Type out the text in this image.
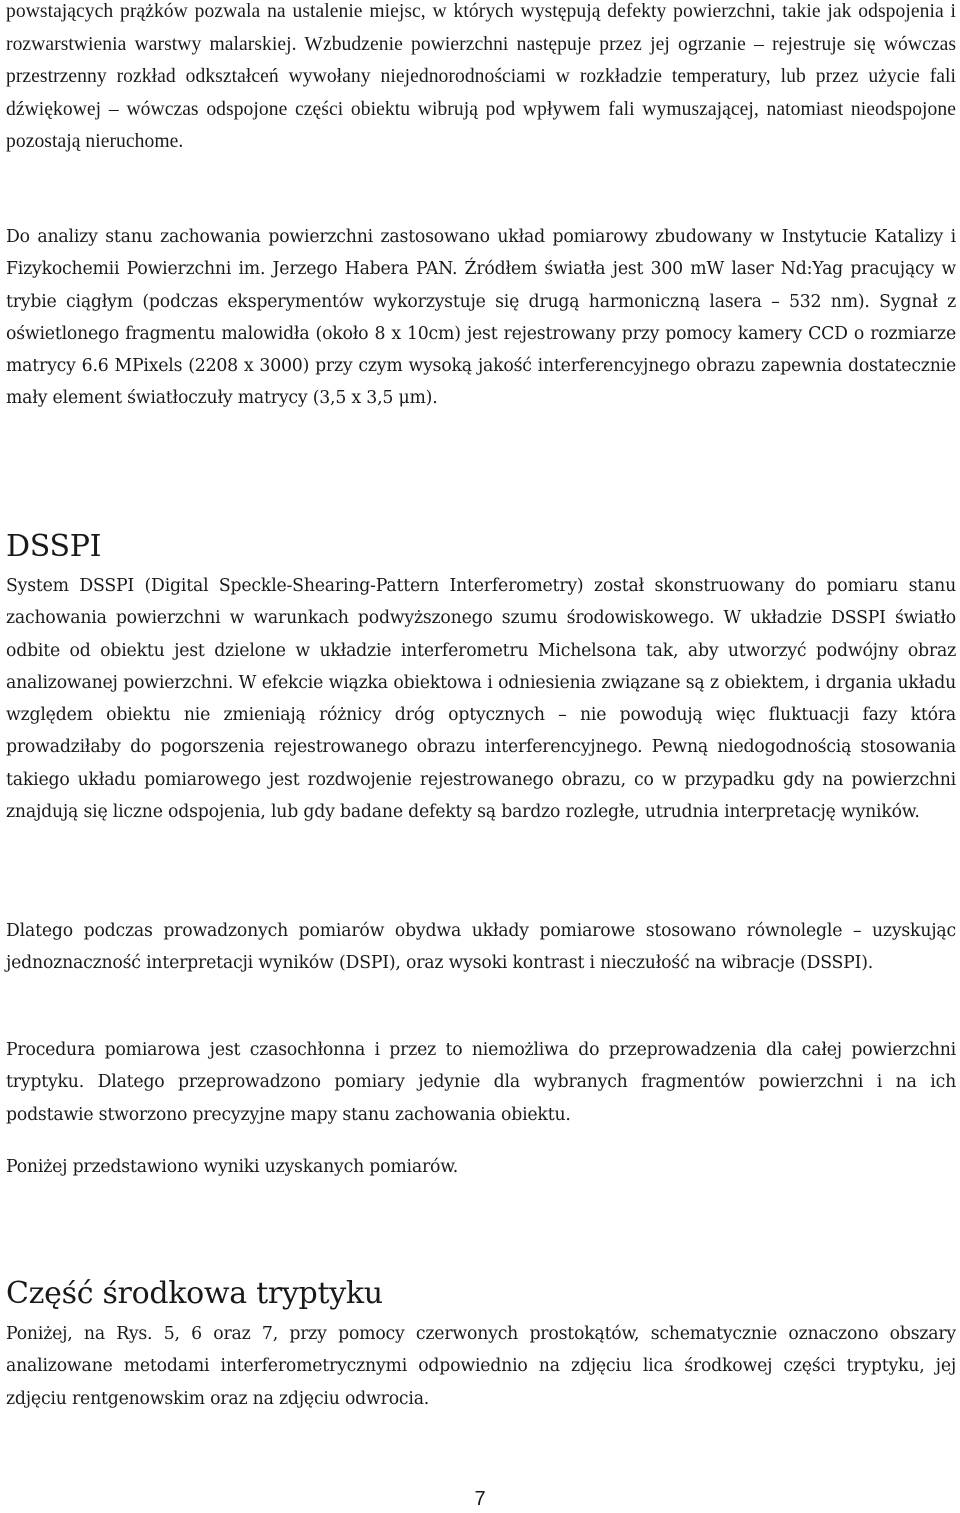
powstających prążków pozwala na ustalenie miejsc, w których występują defekty powierzchni, takie jak odspojenia i rozwarstwienia warstwy malarskiej. Wzbudzenie powierzchni następuje przez jej ogrzanie – rejestruje się wówczas przestrzenny rozkład odkształceń wywołany niejednorodnościami w rozkładzie temperatury, lub przez użycie fali dźwiękowej – wówczas odspojone części obiektu wibrują pod wpływem fali wymuszającej, natomiast nieodspojone pozostają nieruchome.

Do analizy stanu zachowania powierzchni zastosowano układ pomiarowy zbudowany w Instytucie Katalizy i Fizykochemii Powierzchni im. Jerzego Habera PAN. Źródłem światła jest 300 mW laser Nd:Yag pracujący w trybie ciągłym (podczas eksperymentów wykorzystuje się drugą harmoniczną lasera – 532 nm). Sygnał z oświetlonego fragmentu malowidła (około 8 x 10cm) jest rejestrowany przy pomocy kamery CCD o rozmiarze matrycy 6.6 MPixels (2208 x 3000) przy czym wysoką jakość interferencyjnego obrazu zapewnia dostatecznie mały element światłoczuły matrycy (3,5 x 3,5 μm).

DSSPI

System DSSPI (Digital Speckle-Shearing-Pattern Interferometry) został skonstruowany do pomiaru stanu zachowania powierzchni w warunkach podwyższonego szumu środowiskowego. W układzie DSSPI światło odbite od obiektu jest dzielone w układzie interferometru Michelsona tak, aby utworzyć podwójny obraz analizowanej powierzchni. W efekcie wiązka obiektowa i odniesienia związane są z obiektem, i drgania układu względem obiektu nie zmieniają różnicy dróg optycznych – nie powodują więc fluktuacji fazy która prowadziłaby do pogorszenia rejestrowanego obrazu interferencyjnego. Pewną niedogodnością stosowania takiego układu pomiarowego jest rozdwojenie rejestrowanego obrazu, co w przypadku gdy na powierzchni znajdują się liczne odspojenia, lub gdy badane defekty są bardzo rozległe, utrudnia interpretację wyników.

Dlatego podczas prowadzonych pomiarów obydwa układy pomiarowe stosowano równolegle – uzyskując jednoznaczność interpretacji wyników (DSPI), oraz wysoki kontrast i nieczułość na wibracje (DSSPI).

Procedura pomiarowa jest czasochłonna i przez to niemożliwa do przeprowadzenia dla całej powierzchni tryptyku. Dlatego przeprowadzono pomiary jedynie dla wybranych fragmentów powierzchni i na ich podstawie stworzono precyzyjne mapy stanu zachowania obiektu.

Poniżej przedstawiono wyniki uzyskanych pomiarów.

Część środkowa tryptyku

Poniżej, na Rys. 5, 6 oraz 7, przy pomocy czerwonych prostokątów, schematycznie oznaczono obszary analizowane metodami interferometrycznymi odpowiednio na zdjęciu lica środkowej części tryptyku, jej zdjęciu rentgenowskim oraz na zdjęciu odwrocia.

7
